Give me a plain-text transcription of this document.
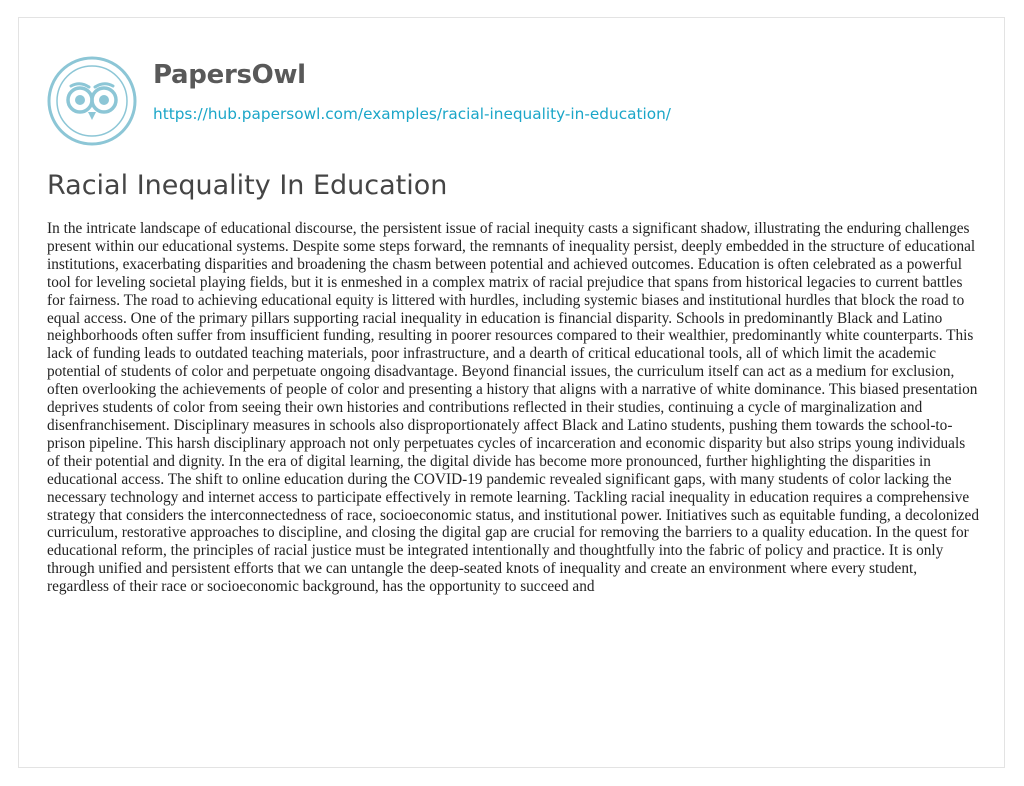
PapersOwl
https://hub.papersowl.com/examples/racial-inequality-in-education/
Racial Inequality In Education

In the intricate landscape of educational discourse, the persistent issue of racial inequity casts a significant shadow, illustrating the enduring challenges present within our educational systems. Despite some steps forward, the remnants of inequality persist, deeply embedded in the structure of educational institutions, exacerbating disparities and broadening the chasm between potential and achieved outcomes. Education is often celebrated as a powerful tool for leveling societal playing fields, but it is enmeshed in a complex matrix of racial prejudice that spans from historical legacies to current battles for fairness. The road to achieving educational equity is littered with hurdles, including systemic biases and institutional hurdles that block the road to equal access. One of the primary pillars supporting racial inequality in education is financial disparity. Schools in predominantly Black and Latino neighborhoods often suffer from insufficient funding, resulting in poorer resources compared to their wealthier, predominantly white counterparts. This lack of funding leads to outdated teaching materials, poor infrastructure, and a dearth of critical educational tools, all of which limit the academic potential of students of color and perpetuate ongoing disadvantage. Beyond financial issues, the curriculum itself can act as a medium for exclusion, often overlooking the achievements of people of color and presenting a history that aligns with a narrative of white dominance. This biased presentation deprives students of color from seeing their own histories and contributions reflected in their studies, continuing a cycle of marginalization and disenfranchisement. Disciplinary measures in schools also disproportionately affect Black and Latino students, pushing them towards the school-to-prison pipeline. This harsh disciplinary approach not only perpetuates cycles of incarceration and economic disparity but also strips young individuals of their potential and dignity. In the era of digital learning, the digital divide has become more pronounced, further highlighting the disparities in educational access. The shift to online education during the COVID-19 pandemic revealed significant gaps, with many students of color lacking the necessary technology and internet access to participate effectively in remote learning. Tackling racial inequality in education requires a comprehensive strategy that considers the interconnectedness of race, socioeconomic status, and institutional power. Initiatives such as equitable funding, a decolonized curriculum, restorative approaches to discipline, and closing the digital gap are crucial for removing the barriers to a quality education. In the quest for educational reform, the principles of racial justice must be integrated intentionally and thoughtfully into the fabric of policy and practice. It is only through unified and persistent efforts that we can untangle the deep-seated knots of inequality and create an environment where every student, regardless of their race or socioeconomic background, has the opportunity to succeed and
